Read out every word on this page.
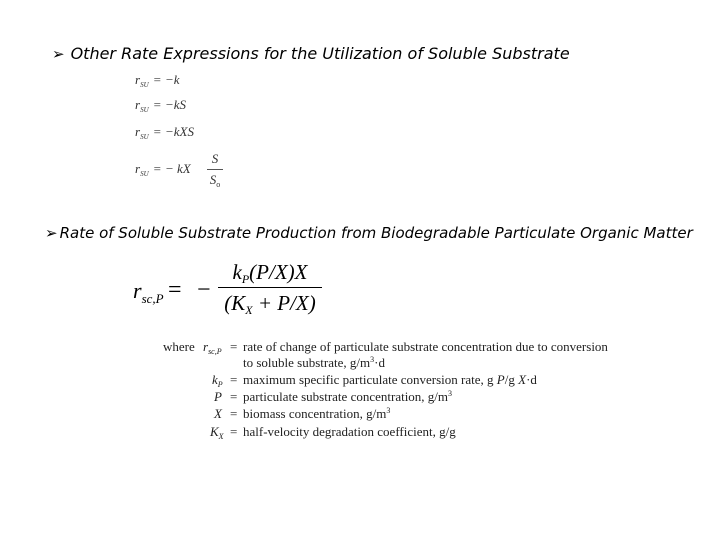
➢ Other Rate Expressions for the Utilization of Soluble Substrate
$r_{SU} = -k$
$r_{SU} = -kS$
$r_{SU} = -kXS$
$r_{SU}$ = − kX
S
$S_o$
➢ Rate of Soluble Substrate Production from Biodegradable Particulate Organic Matter
$r_{sc,P}$ = −
kP(P/X)X
(KX + P/X)
where $r_{sc,P}$ = rate of change of particulate substrate concentration due to conversion
to soluble substrate, $g/m^3\cdot d$
$k_P$ = maximum specific particulate conversion rate, g P/g X·d
P = particulate substrate concentration, $g/m^3$
X = biomass concentration, $g/m^3$
$K_X$ = half-velocity degradation coefficient, g/g
